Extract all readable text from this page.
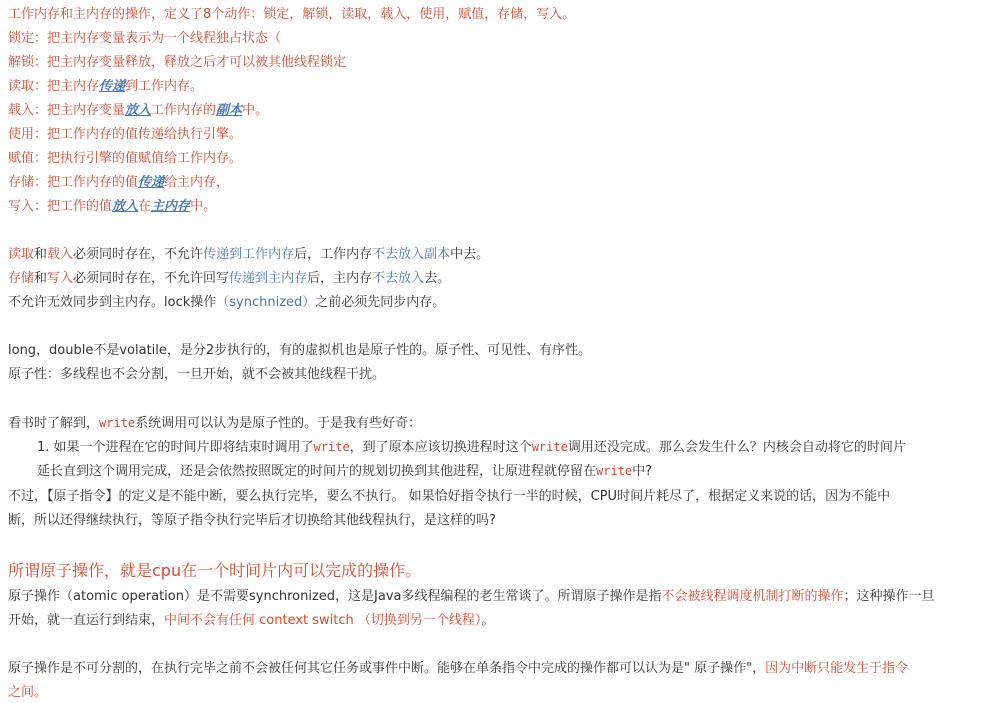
工作内存和主内存的操作，定义了8个动作：锁定，解锁，读取，载入，使用，赋值，存储，写入。
锁定：把主内存变量表示为一个线程独占状态（
解锁：把主内存变量释放，释放之后才可以被其他线程锁定
读取：把主内存传递到工作内存。
载入：把主内存变量放入工作内存的副本中。
使用：把工作内存的值传递给执行引擎。
赋值：把执行引擎的值赋值给工作内存。
存储：把工作内存的值传递给主内存，
写入：把工作的值放入在主内存中。
读取和载入必须同时存在，不允许传递到工作内存后，工作内存不去放入副本中去。
存储和写入必须同时存在，不允许回写传递到主内存后，主内存不去放入去。
不允许无效同步到主内存。lock操作（synchnized）之前必须先同步内存。
long，double不是volatile，是分2步执行的，有的虚拟机也是原子性的。原子性、可见性、有序性。
原子性：多线程也不会分割，一旦开始，就不会被其他线程干扰。
看书时了解到，write系统调用可以认为是原子性的。于是我有些好奇：
1. 如果一个进程在它的时间片即将结束时调用了write，到了原本应该切换进程时这个write调用还没完成。那么会发生什么？内核会自动将它的时间片
延长直到这个调用完成，还是会依然按照既定的时间片的规划切换到其他进程，让原进程就停留在write中?
不过，【原子指令】的定义是不能中断，要么执行完毕，要么不执行。 如果恰好指令执行一半的时候，CPU时间片耗尽了，根据定义来说的话，因为不能中
断，所以还得继续执行，等原子指令执行完毕后才切换给其他线程执行，是这样的吗?
所谓原子操作，就是cpu在一个时间片内可以完成的操作。
原子操作（atomic operation）是不需要synchronized，这是Java多线程编程的老生常谈了。所谓原子操作是指不会被线程调度机制打断的操作；这种操作一旦
开始，就一直运行到结束，中间不会有任何 context switch （切换到另一个线程）。
原子操作是不可分割的，在执行完毕之前不会被任何其它任务或事件中断。能够在单条指令中完成的操作都可以认为是" 原子操作"，因为中断只能发生于指令
之间。
